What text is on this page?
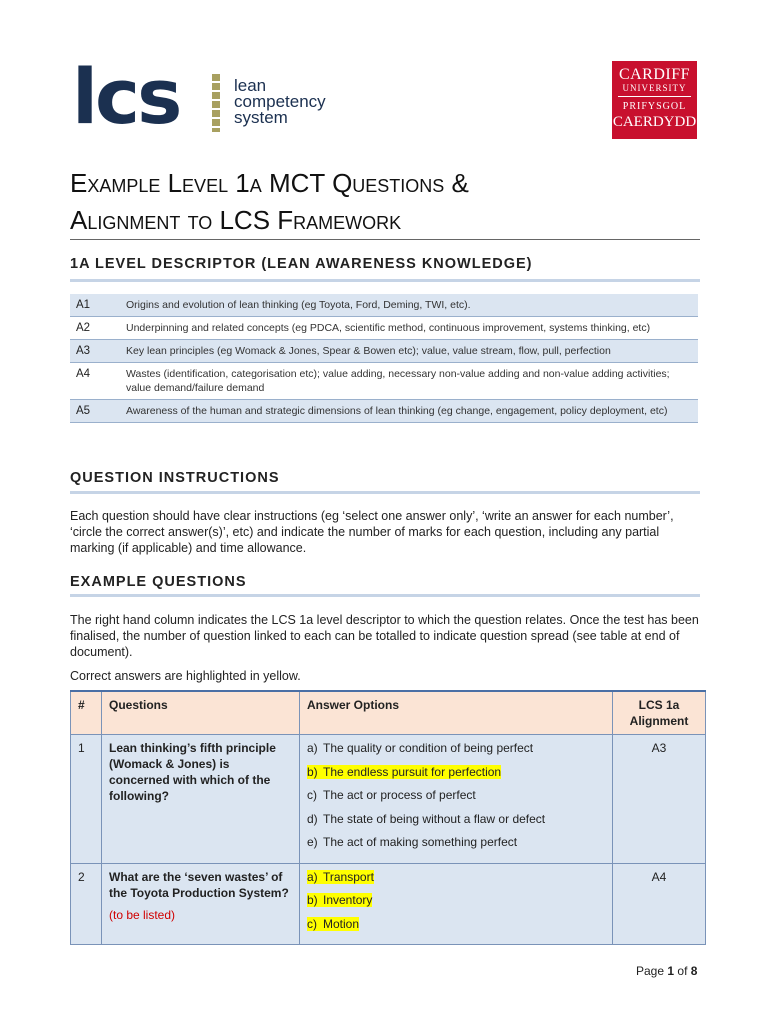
lcs	lean
competency
system
CARDIFF
UNIVERSITY
PRIFYSGOL
CAERDYDD
Example Level 1a MCT Questions &
Alignment to LCS Framework
1A LEVEL DESCRIPTOR (LEAN AWARENESS KNOWLEDGE)
A1	Origins and evolution of lean thinking (eg Toyota, Ford, Deming, TWI, etc).
A2	Underpinning and related concepts (eg PDCA, scientific method, continuous improvement, systems thinking, etc)
A3	Key lean principles (eg Womack & Jones, Spear & Bowen etc); value, value stream, flow, pull, perfection
A4	Wastes (identification, categorisation etc); value adding, necessary non-value adding and non-value adding activities; value demand/failure demand
A5	Awareness of the human and strategic dimensions of lean thinking (eg change, engagement, policy deployment, etc)
QUESTION INSTRUCTIONS
Each question should have clear instructions (eg ‘select one answer only’, ‘write an answer for each number’, ‘circle the correct answer(s)’, etc) and indicate the number of marks for each question, including any partial marking (if applicable) and time allowance.
EXAMPLE QUESTIONS
The right hand column indicates the LCS 1a level descriptor to which the question relates. Once the test has been finalised, the number of question linked to each can be totalled to indicate question spread (see table at end of document).
Correct answers are highlighted in yellow.
#	Questions	Answer Options	LCS 1a Alignment
1	Lean thinking’s fifth principle (Womack & Jones) is concerned with which of the following?	a) The quality or condition of being perfect
b) The endless pursuit for perfection
c) The act or process of perfect
d) The state of being without a flaw or defect
e) The act of making something perfect	A3
2	What are the ‘seven wastes’ of the Toyota Production System?
(to be listed)	a) Transport
b) Inventory
c) Motion	A4
Page 1 of 8
